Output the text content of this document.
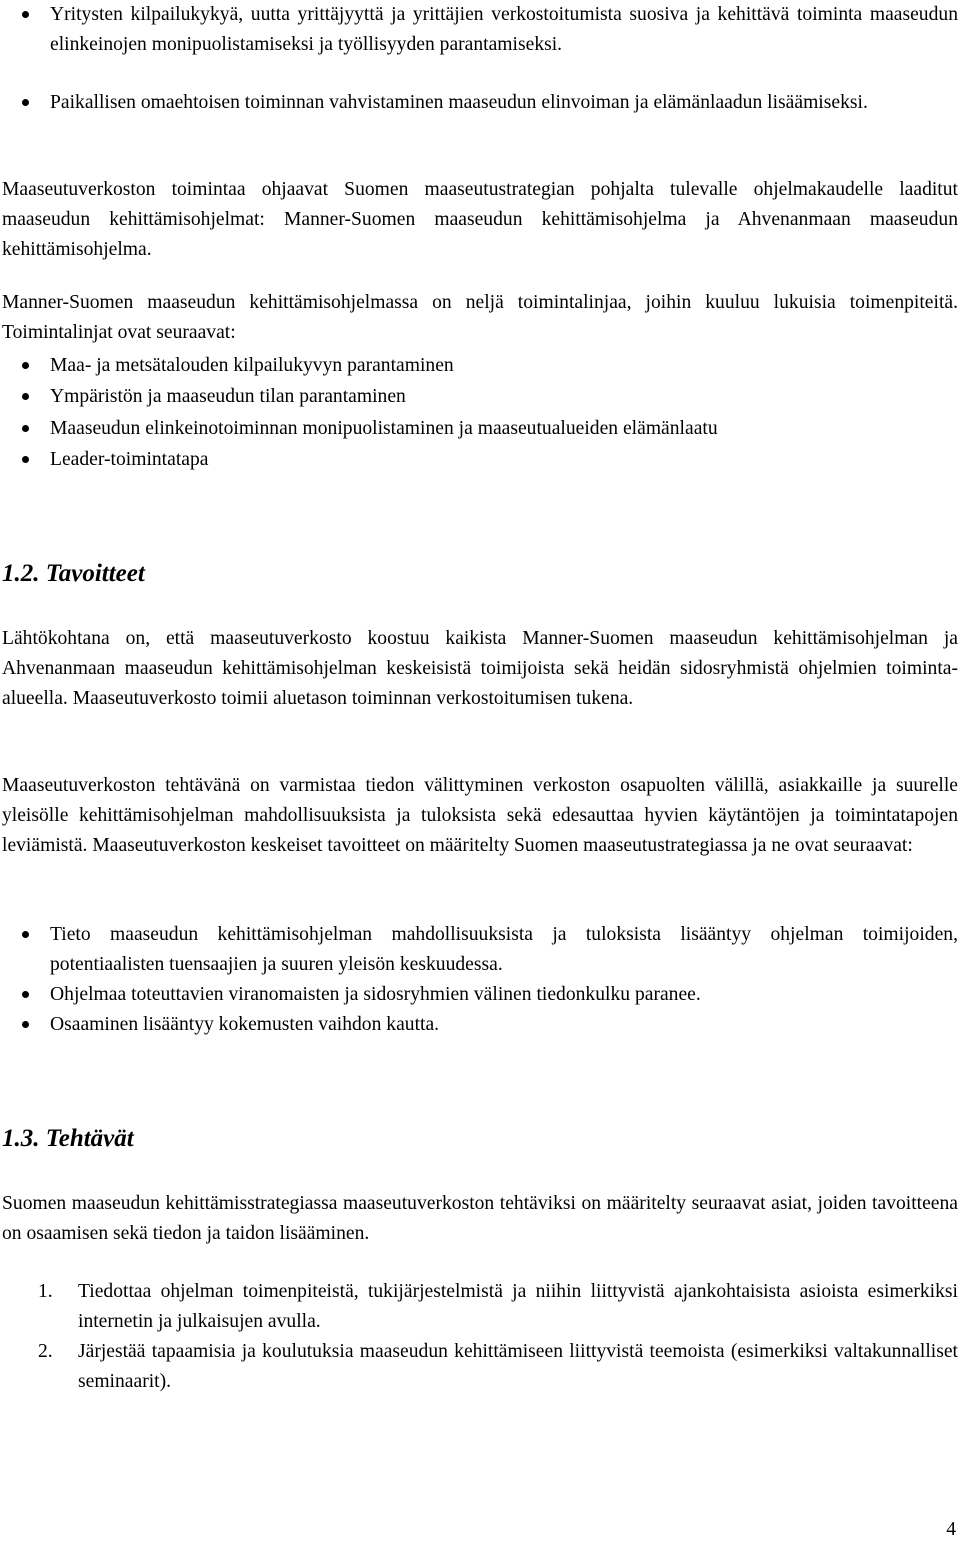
Yritysten kilpailukykyä, uutta yrittäjyyttä ja yrittäjien verkostoitumista suosiva ja kehittävä toiminta maaseudun elinkeinojen monipuolistamiseksi ja työllisyyden parantamiseksi.
Paikallisen omaehtoisen toiminnan vahvistaminen maaseudun elinvoiman ja elämänlaadun lisäämiseksi.
Maaseutuverkoston toimintaa ohjaavat Suomen maaseutustrategian pohjalta tulevalle ohjelmakaudelle laaditut maaseudun kehittämisohjelmat: Manner-Suomen maaseudun kehittämisohjelma ja Ahvenanmaan maaseudun kehittämisohjelma.
Manner-Suomen maaseudun kehittämisohjelmassa on neljä toimintalinjaa, joihin kuuluu lukuisia toimenpiteitä. Toimintalinjat ovat seuraavat:
Maa- ja metsätalouden kilpailukyvyn parantaminen
Ympäristön ja maaseudun tilan parantaminen
Maaseudun elinkeinotoiminnan monipuolistaminen ja maaseutualueiden elämänlaatu
Leader-toimintatapa
1.2. Tavoitteet
Lähtökohtana on, että maaseutuverkosto koostuu kaikista Manner-Suomen maaseudun kehittämisohjelman ja Ahvenanmaan maaseudun kehittämisohjelman keskeisistä toimijoista sekä heidän sidosryhmistä ohjelmien toiminta-alueella. Maaseutuverkosto toimii aluetason toiminnan verkostoitumisen tukena.
Maaseutuverkoston tehtävänä on varmistaa tiedon välittyminen verkoston osapuolten välillä, asiakkaille ja suurelle yleisölle kehittämisohjelman mahdollisuuksista ja tuloksista sekä edesauttaa hyvien käytäntöjen ja toimintatapojen leviämistä. Maaseutuverkoston keskeiset tavoitteet on määritelty Suomen maaseutustrategiassa ja ne ovat seuraavat:
Tieto maaseudun kehittämisohjelman mahdollisuuksista ja tuloksista lisääntyy ohjelman toimijoiden, potentiaalisten tuensaajien ja suuren yleisön keskuudessa.
Ohjelmaa toteuttavien viranomaisten ja sidosryhmien välinen tiedonkulku paranee.
Osaaminen lisääntyy kokemusten vaihdon kautta.
1.3. Tehtävät
Suomen maaseudun kehittämisstrategiassa maaseutuverkoston tehtäviksi on määritelty seuraavat asiat, joiden tavoitteena on osaamisen sekä tiedon ja taidon lisääminen.
1. Tiedottaa ohjelman toimenpiteistä, tukijärjestelmistä ja niihin liittyvistä ajankohtaisista asioista esimerkiksi internetin ja julkaisujen avulla.
2. Järjestää tapaamisia ja koulutuksia maaseudun kehittämiseen liittyvistä teemoista (esimerkiksi valtakunnalliset seminaarit).
4
